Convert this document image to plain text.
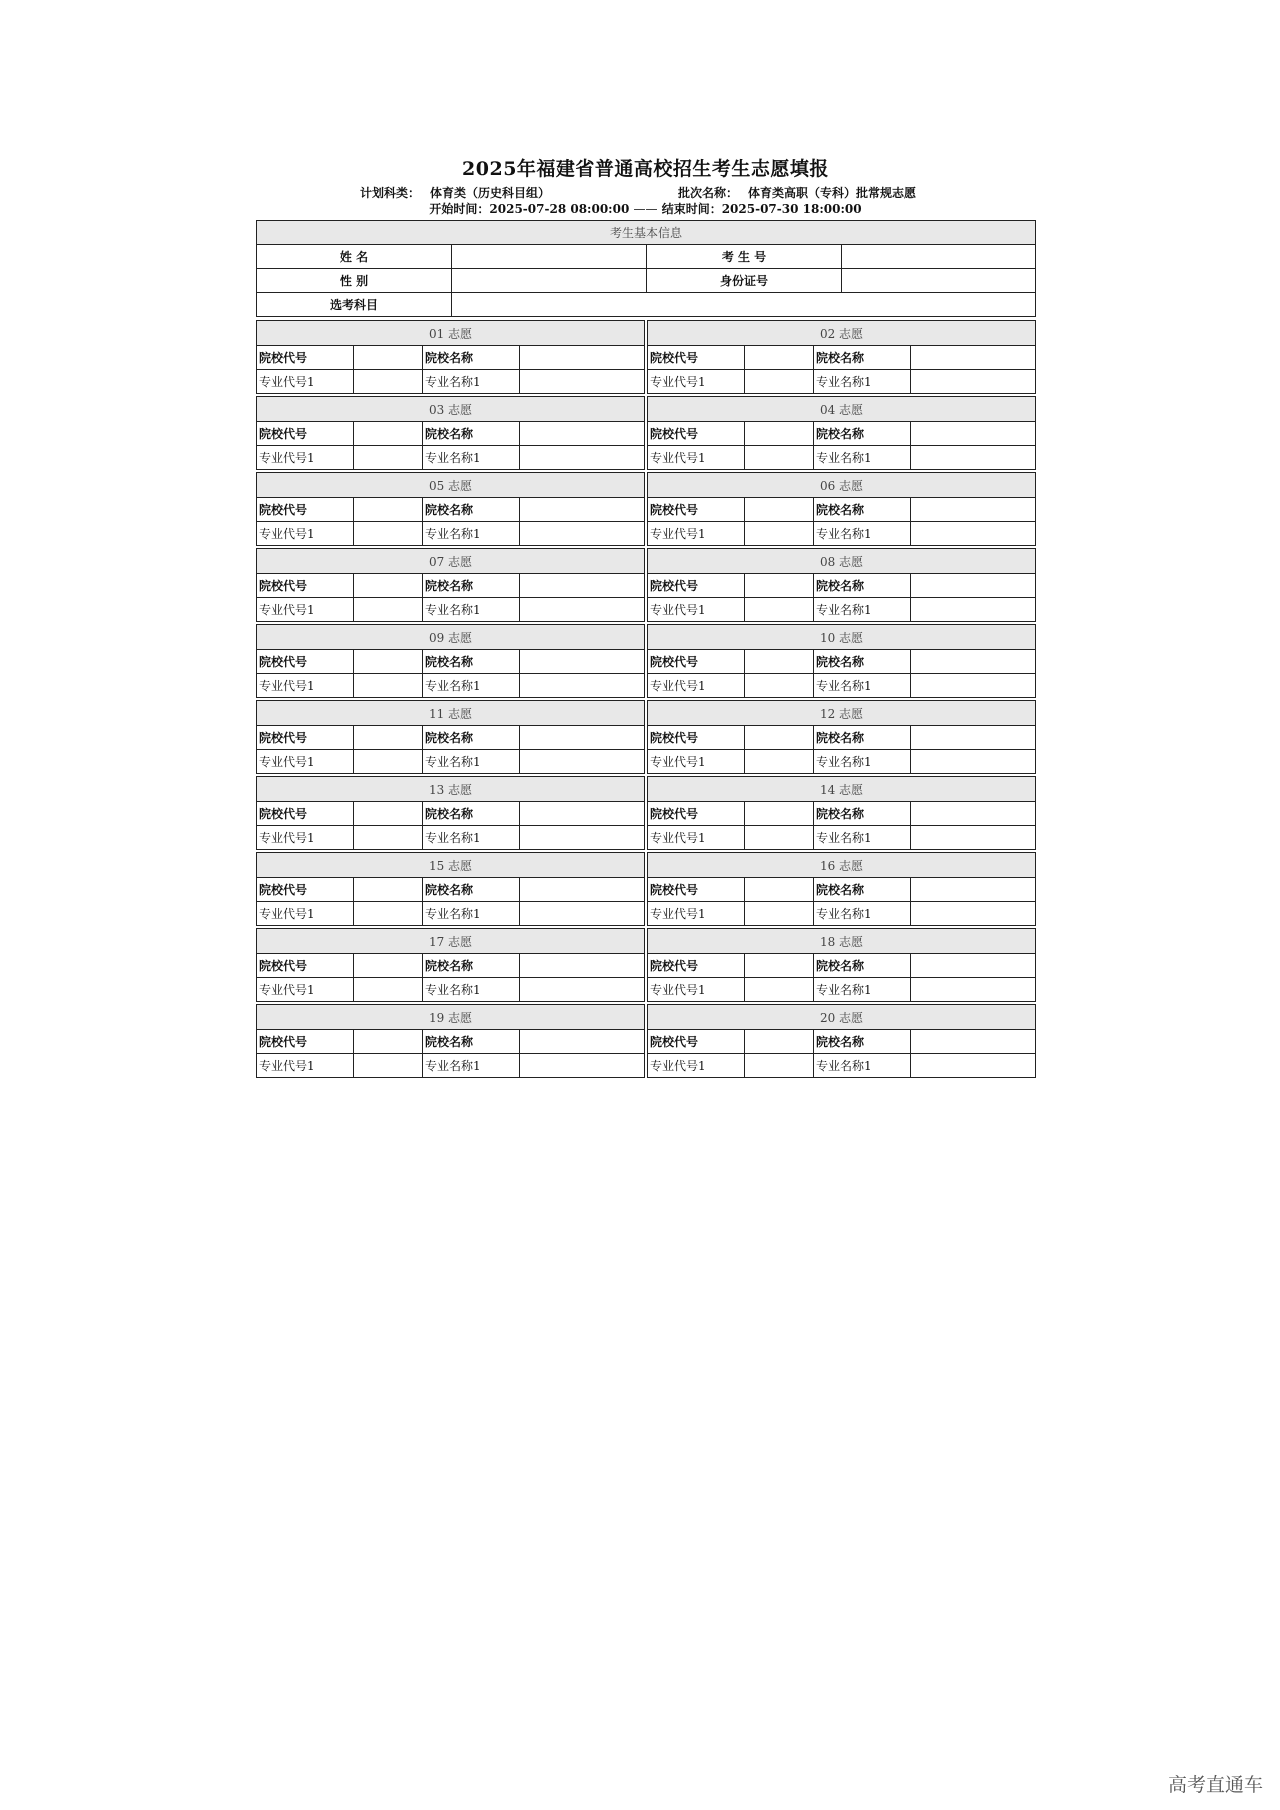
2025年福建省普通高校招生考生志愿填报
计划科类： 体育类（历史科目组）	批次名称： 体育类高职（专科）批常规志愿
开始时间：2025-07-28 08:00:00 —— 结束时间：2025-07-30 18:00:00
考生基本信息			
姓 名		考 生 号	
性 别		身份证号	
选考科目			
01 志愿			
院校代号		院校名称	
专业代号1		专业名称1	
02 志愿			
院校代号		院校名称	
专业代号1		专业名称1	
03 志愿			
院校代号		院校名称	
专业代号1		专业名称1	
04 志愿			
院校代号		院校名称	
专业代号1		专业名称1	
05 志愿			
院校代号		院校名称	
专业代号1		专业名称1	
06 志愿			
院校代号		院校名称	
专业代号1		专业名称1	
07 志愿			
院校代号		院校名称	
专业代号1		专业名称1	
08 志愿			
院校代号		院校名称	
专业代号1		专业名称1	
09 志愿			
院校代号		院校名称	
专业代号1		专业名称1	
10 志愿			
院校代号		院校名称	
专业代号1		专业名称1	
11 志愿			
院校代号		院校名称	
专业代号1		专业名称1	
12 志愿			
院校代号		院校名称	
专业代号1		专业名称1	
13 志愿			
院校代号		院校名称	
专业代号1		专业名称1	
14 志愿			
院校代号		院校名称	
专业代号1		专业名称1	
15 志愿			
院校代号		院校名称	
专业代号1		专业名称1	
16 志愿			
院校代号		院校名称	
专业代号1		专业名称1	
17 志愿			
院校代号		院校名称	
专业代号1		专业名称1	
18 志愿			
院校代号		院校名称	
专业代号1		专业名称1	
19 志愿			
院校代号		院校名称	
专业代号1		专业名称1	
20 志愿			
院校代号		院校名称	
专业代号1		专业名称1	
高考直通车
